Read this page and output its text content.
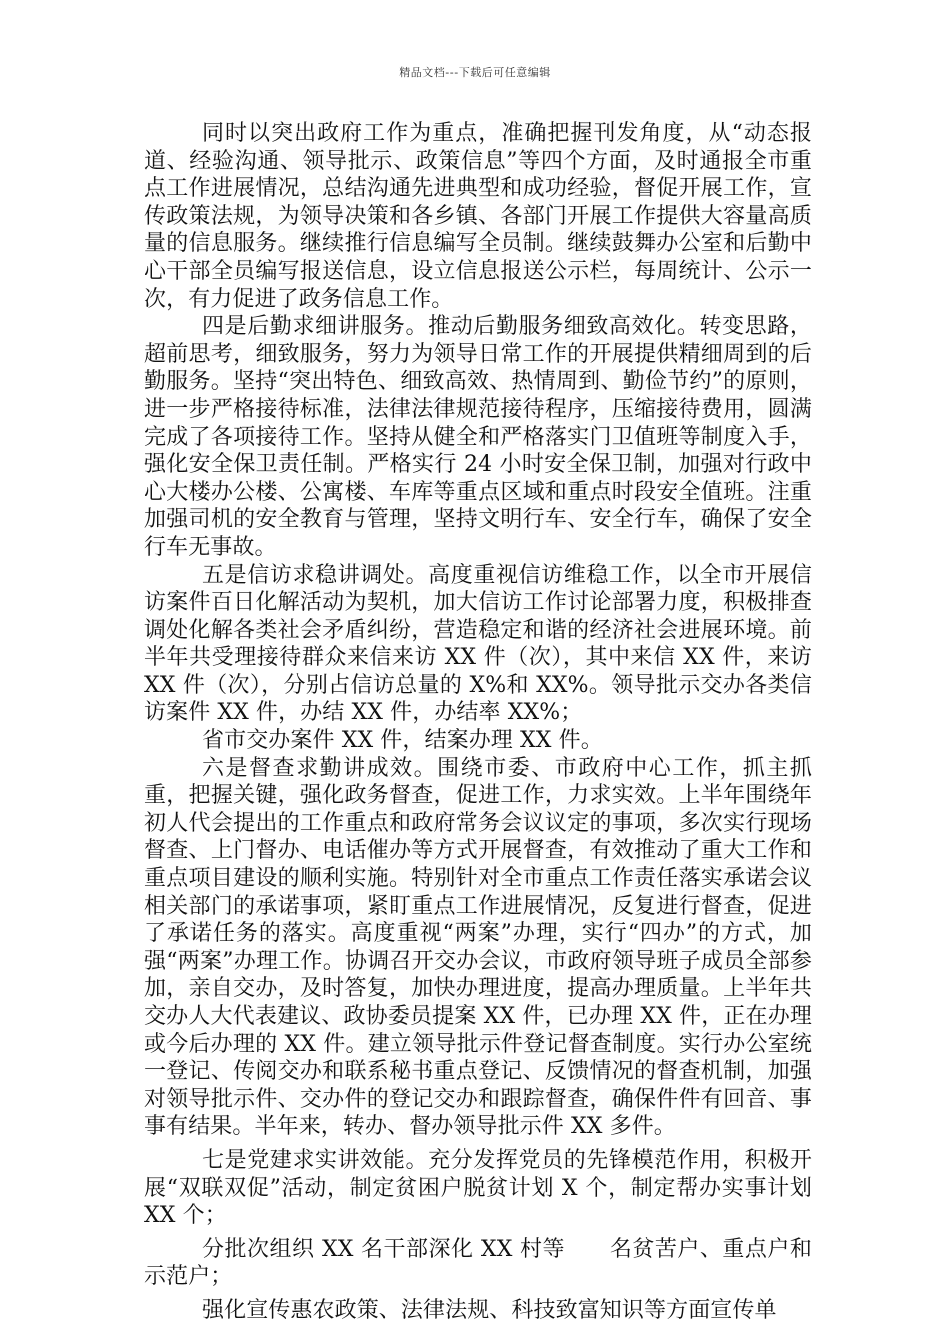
精品文档---下载后可任意编辑

同时以突出政府工作为重点，准确把握刊发角度，从“动态报道、经验沟通、领导批示、政策信息”等四个方面，及时通报全市重点工作进展情况，总结沟通先进典型和成功经验，督促开展工作，宣传政策法规，为领导决策和各乡镇、各部门开展工作提供大容量高质量的信息服务。继续推行信息编写全员制。继续鼓舞办公室和后勤中心干部全员编写报送信息，设立信息报送公示栏，每周统计、公示一次，有力促进了政务信息工作。

四是后勤求细讲服务。推动后勤服务细致高效化。转变思路，超前思考，细致服务，努力为领导日常工作的开展提供精细周到的后勤服务。坚持“突出特色、细致高效、热情周到、勤俭节约”的原则，进一步严格接待标准，法律法律规范接待程序，压缩接待费用，圆满完成了各项接待工作。坚持从健全和严格落实门卫值班等制度入手，强化安全保卫责任制。严格实行 24 小时安全保卫制，加强对行政中心大楼办公楼、公寓楼、车库等重点区域和重点时段安全值班。注重加强司机的安全教育与管理，坚持文明行车、安全行车，确保了安全行车无事故。

五是信访求稳讲调处。高度重视信访维稳工作，以全市开展信访案件百日化解活动为契机，加大信访工作讨论部署力度，积极排查调处化解各类社会矛盾纠纷，营造稳定和谐的经济社会进展环境。前半年共受理接待群众来信来访 XX 件（次），其中来信 XX 件，来访 XX 件（次），分别占信访总量的 X%和 XX%。领导批示交办各类信访案件 XX 件，办结 XX 件，办结率 XX%；

省市交办案件 XX 件，结案办理 XX 件。

六是督查求勤讲成效。围绕市委、市政府中心工作，抓主抓重，把握关键，强化政务督查，促进工作，力求实效。上半年围绕年初人代会提出的工作重点和政府常务会议议定的事项，多次实行现场督查、上门督办、电话催办等方式开展督查，有效推动了重大工作和重点项目建设的顺利实施。特别针对全市重点工作责任落实承诺会议相关部门的承诺事项，紧盯重点工作进展情况，反复进行督查，促进了承诺任务的落实。高度重视“两案”办理，实行“四办”的方式，加强“两案”办理工作。协调召开交办会议，市政府领导班子成员全部参加，亲自交办，及时答复，加快办理进度，提高办理质量。上半年共交办人大代表建议、政协委员提案 XX 件，已办理 XX 件，正在办理或今后办理的 XX 件。建立领导批示件登记督查制度。实行办公室统一登记、传阅交办和联系秘书重点登记、反馈情况的督查机制，加强对领导批示件、交办件的登记交办和跟踪督查，确保件件有回音、事事有结果。半年来，转办、督办领导批示件 XX 多件。

七是党建求实讲效能。充分发挥党员的先锋模范作用，积极开展“双联双促”活动，制定贫困户脱贫计划 X 个，制定帮办实事计划 XX 个；

分批次组织 XX 名干部深化 XX 村等　　名贫苦户、重点户和示范户；

强化宣传惠农政策、法律法规、科技致富知识等方面宣传单
